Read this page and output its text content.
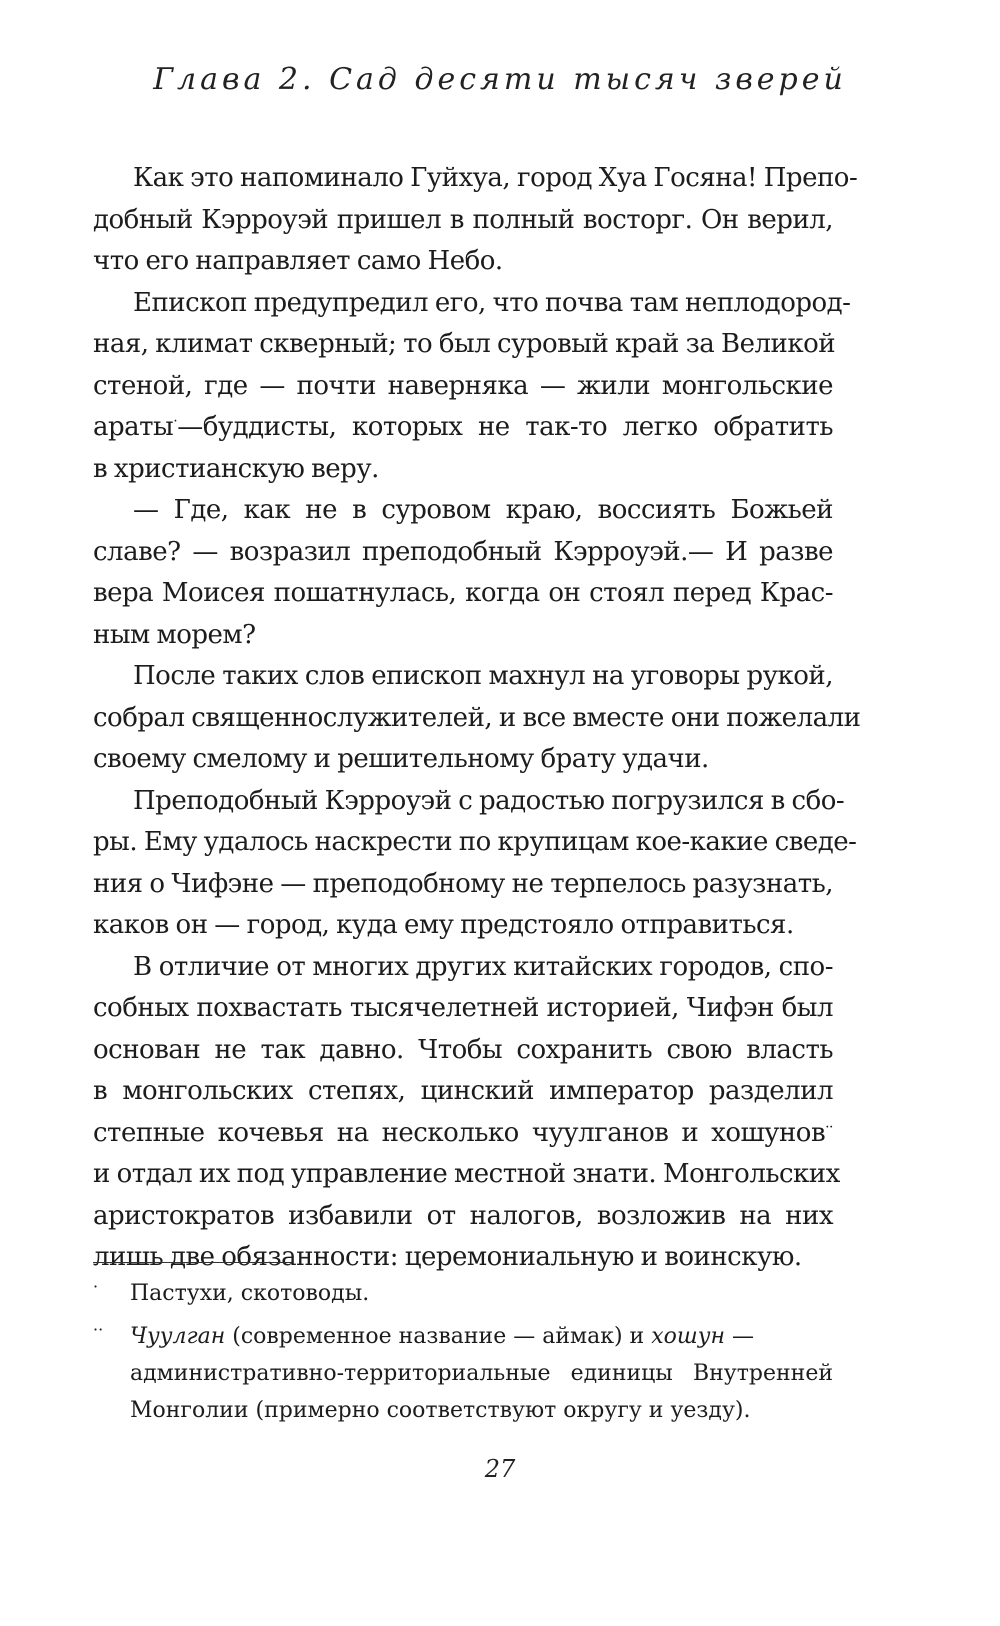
Глава 2. Сад десяти тысяч зверей
Как это напоминало Гуйхуа, город Хуа Госяна! Препо-
добный Кэрроуэй пришел в полный восторг. Он верил,
что его направляет само Небо.
Епископ предупредил его, что почва там неплодород-
ная, климат скверный; то был суровый край за Великой
стеной, где — почти наверняка — жили монгольские
араты·—буддисты, которых не так-то легко обратить
в христианскую веру.
— Где, как не в суровом краю, воссиять Божьей
славе? — возразил преподобный Кэрроуэй.— И разве
вера Моисея пошатнулась, когда он стоял перед Крас-
ным морем?
После таких слов епископ махнул на уговоры рукой,
собрал священнослужителей, и все вместе они пожелали
своему смелому и решительному брату удачи.
Преподобный Кэрроуэй с радостью погрузился в сбо-
ры. Ему удалось наскрести по крупицам кое-какие сведе-
ния о Чифэне — преподобному не терпелось разузнать,
каков он — город, куда ему предстояло отправиться.
В отличие от многих других китайских городов, спо-
собных похвастать тысячелетней историей, Чифэн был
основан не так давно. Чтобы сохранить свою власть
в монгольских степях, цинский император разделил
степные кочевья на несколько чуулганов и хошунов··
и отдал их под управление местной знати. Монгольских
аристократов избавили от налогов, возложив на них
лишь две обязанности: церемониальную и воинскую.
·	Пастухи, скотоводы.
··	Чуулган (современное название — аймак) и хошун —
административно-территориальные единицы Внутренней
Монголии (примерно соответствуют округу и уезду).
27
